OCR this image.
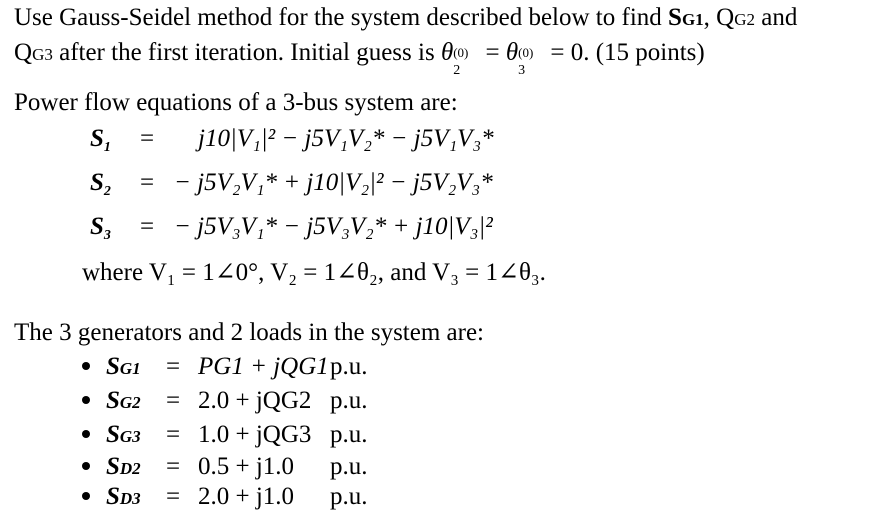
Use Gauss-Seidel method for the system described below to find SG1, QG2 and
QG3 after the first iteration. Initial guess is θ (0)
2
= θ (0)
3
= 0. (15 points)
Power flow equations of a 3-bus system are:
$S_1 = j10|V_1|^2 - j5V_1V_2* - j5V_1V_3*$
$S_2$ = − j5V₂V₁* + j10|V₂|² − j5V₂V₃*
$S_3$ = − j5V₃V₁* − j5V₃V₂* + j10|V₃|²
where V₁ = 1∠0°, V₂ = 1∠θ₂, and V₃ = 1∠θ₃.
The 3 generators and 2 loads in the system are:
SG1 = PG1 + jQG1 p.u.
SG2 = 2.0 + jQG2 p.u.
SG3 = 1.0 + jQG3 p.u.
SD2 = 0.5 + j1.0 p.u.
SD3 = 2.0 + j1.0 p.u.
